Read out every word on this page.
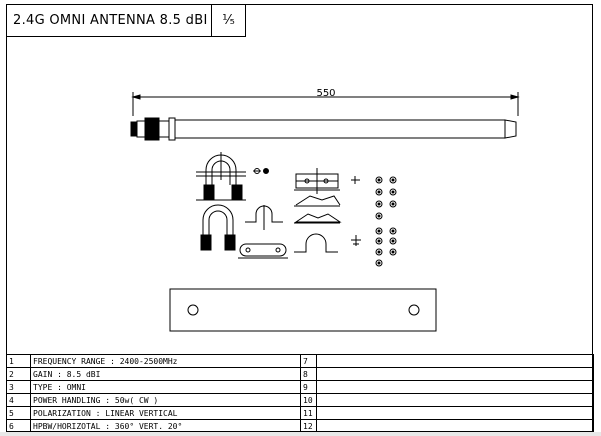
2.4G OMNI ANTENNA 8.5 dBI	⅟₅
550
1	FREQUENCY RANGE : 2400-2500MHz	7	
2	GAIN : 8.5 dBI	8	
3	TYPE : OMNI	9	
4	POWER HANDLING : 50w( CW )	10	
5	POLARIZATION : LINEAR VERTICAL	11	
6	HPBW/HORIZOTAL : 360° VERT. 20°	12	
